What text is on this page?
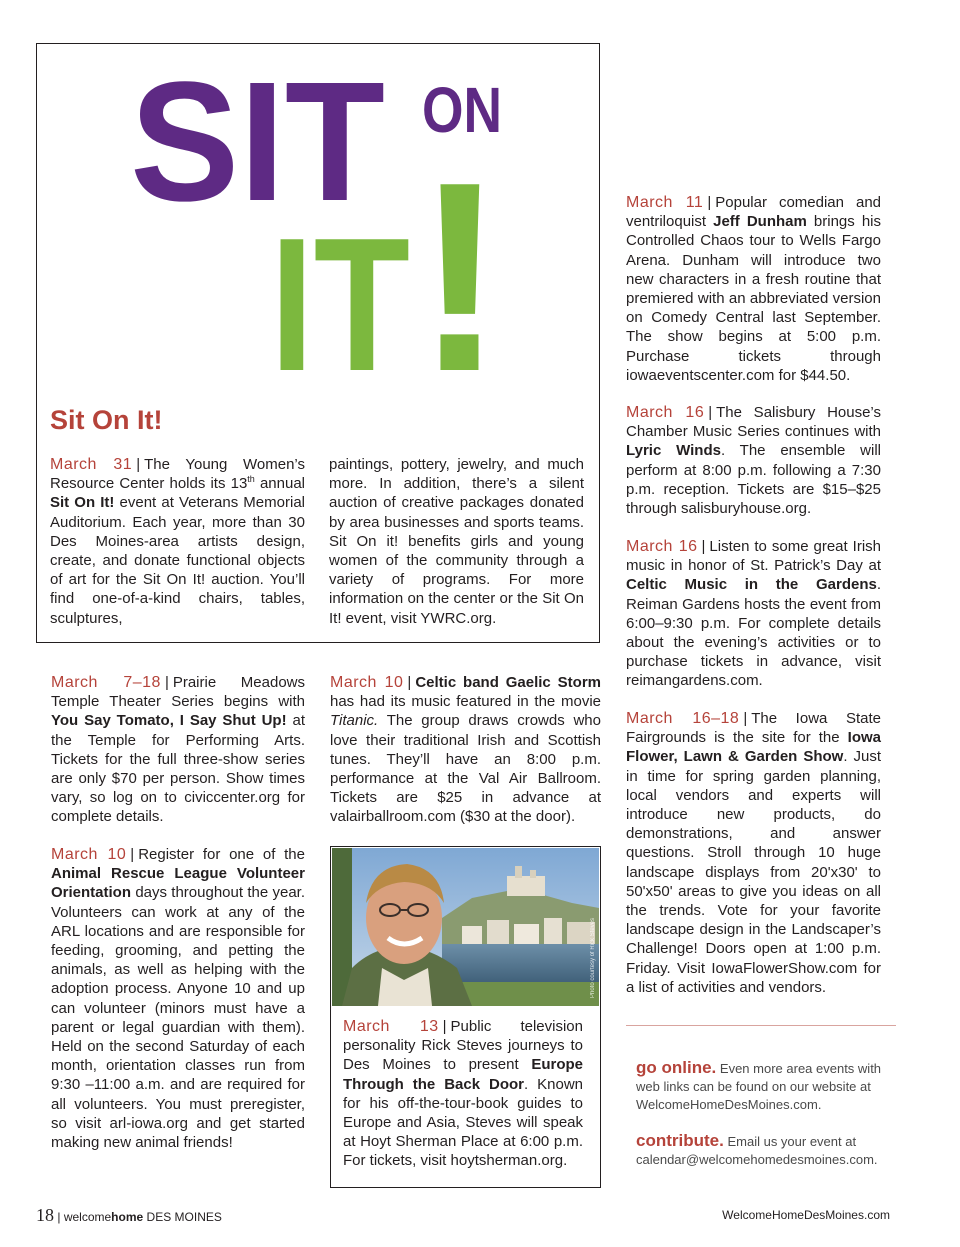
SIT ON
IT !
Sit On It!
March 31 | The Young Women’s Resource Center holds its 13th annual Sit On It! event at Veterans Memorial Auditorium. Each year, more than 30 Des Moines-area artists design, create, and donate functional objects of art for the Sit On It! auction. You’ll find one-of-a-kind chairs, tables, sculptures,
paintings, pottery, jewelry, and much more. In addition, there’s a silent auction of creative packages donated by area businesses and sports teams. Sit On it! benefits girls and young women of the community through a variety of programs. For more information on the center or the Sit On It! event, visit YWRC.org.
March 7–18 | Prairie Meadows Temple Theater Series begins with You Say Tomato, I Say Shut Up! at the Temple for Performing Arts. Tickets for the full three-show series are only $70 per person. Show times vary, so log on to civiccenter.org for complete details.
March 10 | Register for one of the Animal Rescue League Volunteer Orientation days throughout the year. Volunteers can work at any of the ARL locations and are responsible for feeding, grooming, and petting the animals, as well as helping with the adoption process. Anyone 10 and up can volunteer (minors must have a parent or legal guardian with them). Held on the second Saturday of each month, orientation classes run from 9:30 –11:00 a.m. and are required for all volunteers. You must preregister, so visit arl-iowa.org and get started making new animal friends!
March 10 | Celtic band Gaelic Storm has had its music featured in the movie Titanic. The group draws crowds who love their traditional Irish and Scottish tunes. They’ll have an 8:00 p.m. performance at the Val Air Ballroom. Tickets are $25 in advance at valairballroom.com ($30 at the door).
Photo courtesy of Rick Steves
March 13 | Public television personality Rick Steves journeys to Des Moines to present Europe Through the Back Door. Known for his off-the-tour-book guides to Europe and Asia, Steves will speak at Hoyt Sherman Place at 6:00 p.m. For tickets, visit hoytsherman.org.
March 11 | Popular comedian and ventriloquist Jeff Dunham brings his Controlled Chaos tour to Wells Fargo Arena. Dunham will introduce two new characters in a fresh routine that premiered with an abbreviated version on Comedy Central last September. The show begins at 5:00 p.m. Purchase tickets through iowaeventscenter.com for $44.50.
March 16 | The Salisbury House’s Chamber Music Series continues with Lyric Winds. The ensemble will perform at 8:00 p.m. following a 7:30 p.m. reception. Tickets are $15–$25 through salisburyhouse.org.
March 16 | Listen to some great Irish music in honor of St. Patrick’s Day at Celtic Music in the Gardens. Reiman Gardens hosts the event from 6:00–9:30 p.m. For complete details about the evening’s activities or to purchase tickets in advance, visit reimangardens.com.
March 16–18 | The Iowa State Fairgrounds is the site for the Iowa Flower, Lawn & Garden Show. Just in time for spring garden planning, local vendors and experts will introduce new products, do demonstrations, and answer questions. Stroll through 10 huge landscape displays from 20'x30' to 50'x50' areas to give you ideas on all the trends. Vote for your favorite landscape design in the Landscaper’s Challenge! Doors open at 1:00 p.m. Friday. Visit IowaFlowerShow.com for a list of activities and vendors.
go online. Even more area events with web links can be found on our website at WelcomeHomeDesMoines.com.
contribute. Email us your event at calendar@welcomehomedesmoines.com.
18 | welcomehome DES MOINES	WelcomeHomeDesMoines.com
